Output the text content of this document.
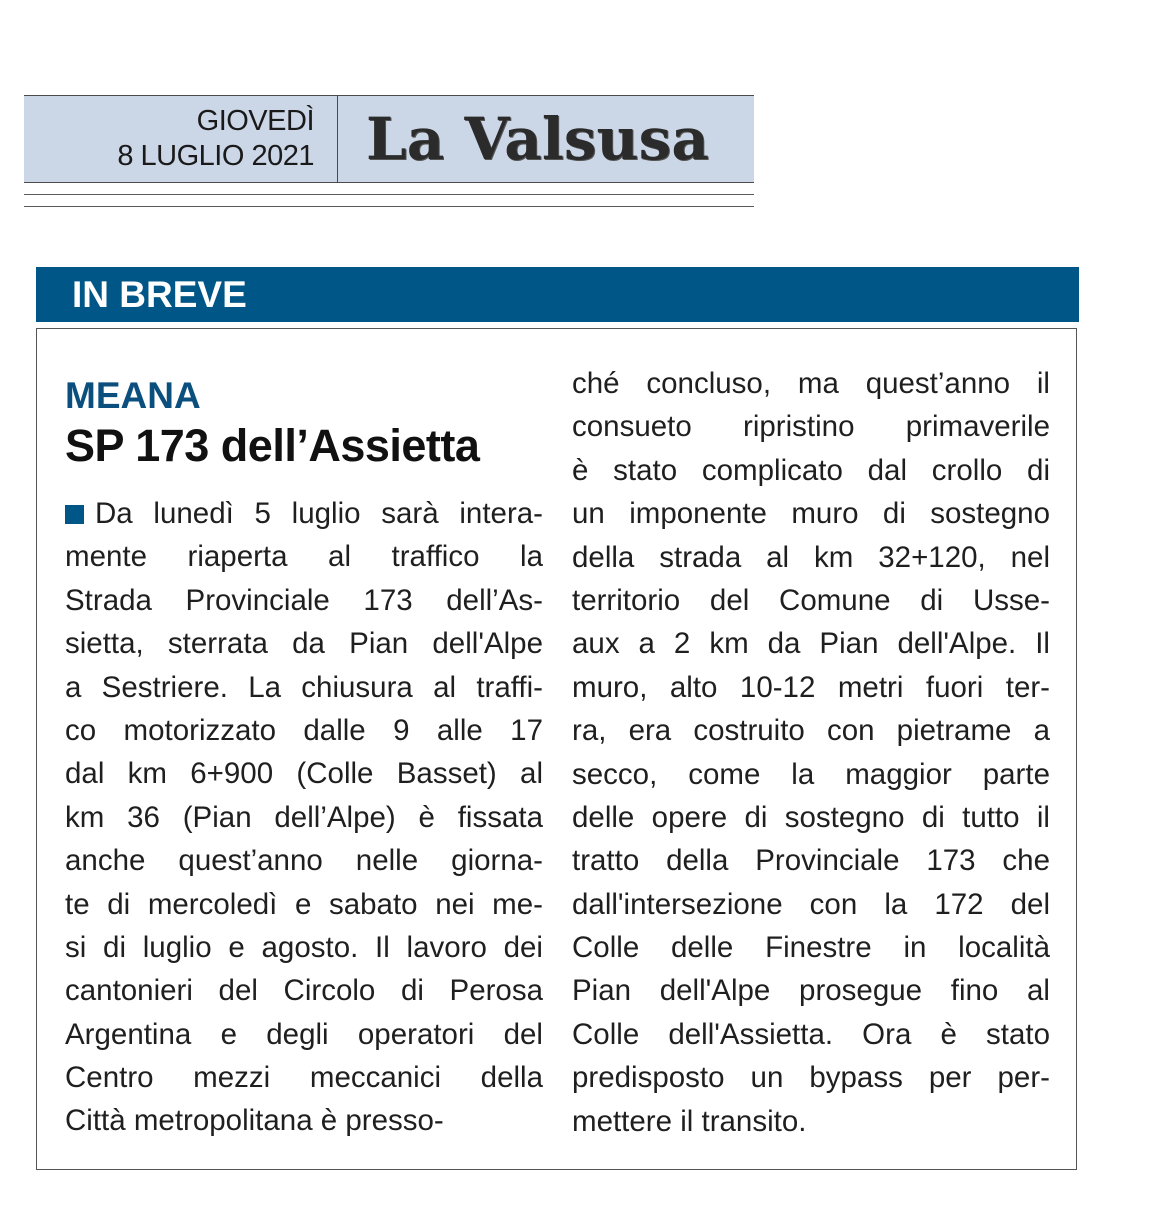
GIOVEDÌ
8 LUGLIO 2021 La Valsusa
IN BREVE
MEANA
SP 173 dell’Assietta
Da lunedì 5 luglio sarà intera-
mente riaperta al traffico la
Strada Provinciale 173 dell’As-
sietta, sterrata da Pian dell'Alpe
a Sestriere. La chiusura al traffi-
co motorizzato dalle 9 alle 17
dal km 6+900 (Colle Basset) al
km 36 (Pian dell’Alpe) è fissata
anche quest’anno nelle giorna-
te di mercoledì e sabato nei me-
si di luglio e agosto. Il lavoro dei
cantonieri del Circolo di Perosa
Argentina e degli operatori del
Centro mezzi meccanici della
Città metropolitana è presso-
ché concluso, ma quest’anno il
consueto ripristino primaverile
è stato complicato dal crollo di
un imponente muro di sostegno
della strada al km 32+120, nel
territorio del Comune di Usse-
aux a 2 km da Pian dell'Alpe. Il
muro, alto 10-12 metri fuori ter-
ra, era costruito con pietrame a
secco, come la maggior parte
delle opere di sostegno di tutto il
tratto della Provinciale 173 che
dall'intersezione con la 172 del
Colle delle Finestre in località
Pian dell'Alpe prosegue fino al
Colle dell'Assietta. Ora è stato
predisposto un bypass per per-
mettere il transito.
